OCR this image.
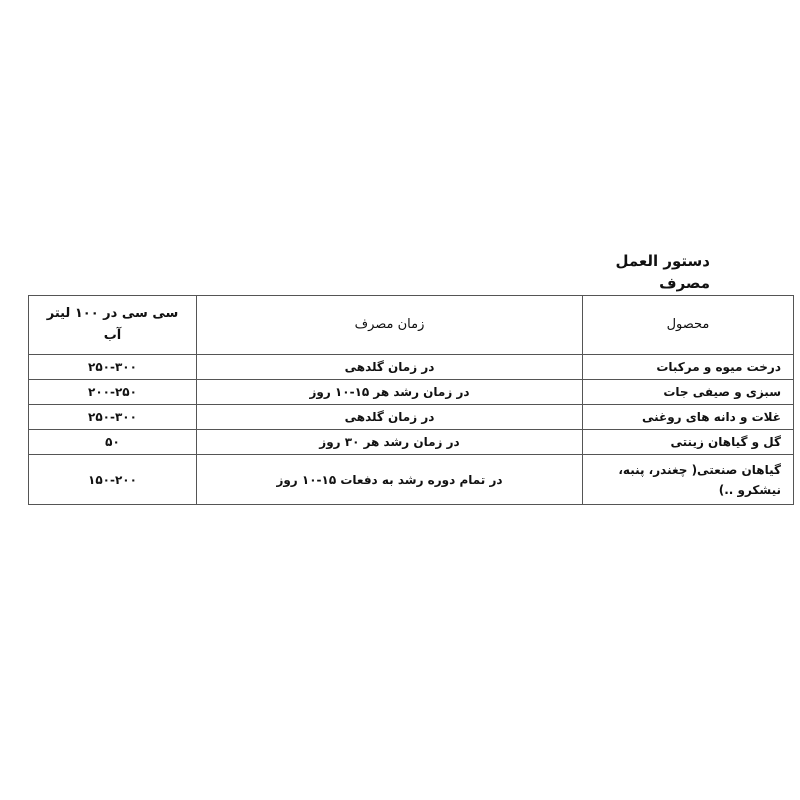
دستور العمل مصرف
محصول	زمان مصرف	سی سی در ۱۰۰ لیتر آب
درخت میوه و مرکبات	در زمان گلدهی	۲۵۰-۳۰۰
سبزی و صیفی جات	در زمان رشد هر ۱۵-۱۰ روز	۲۰۰-۲۵۰
غلات و دانه های روغنی	در زمان گلدهی	۲۵۰-۳۰۰
گل و گیاهان زینتی	در زمان رشد هر ۳۰ روز	۵۰
گیاهان صنعتی( چغندر، پنبه، نیشکرو ..)	در تمام دوره رشد به دفعات ۱۵-۱۰ روز	۱۵۰-۲۰۰
